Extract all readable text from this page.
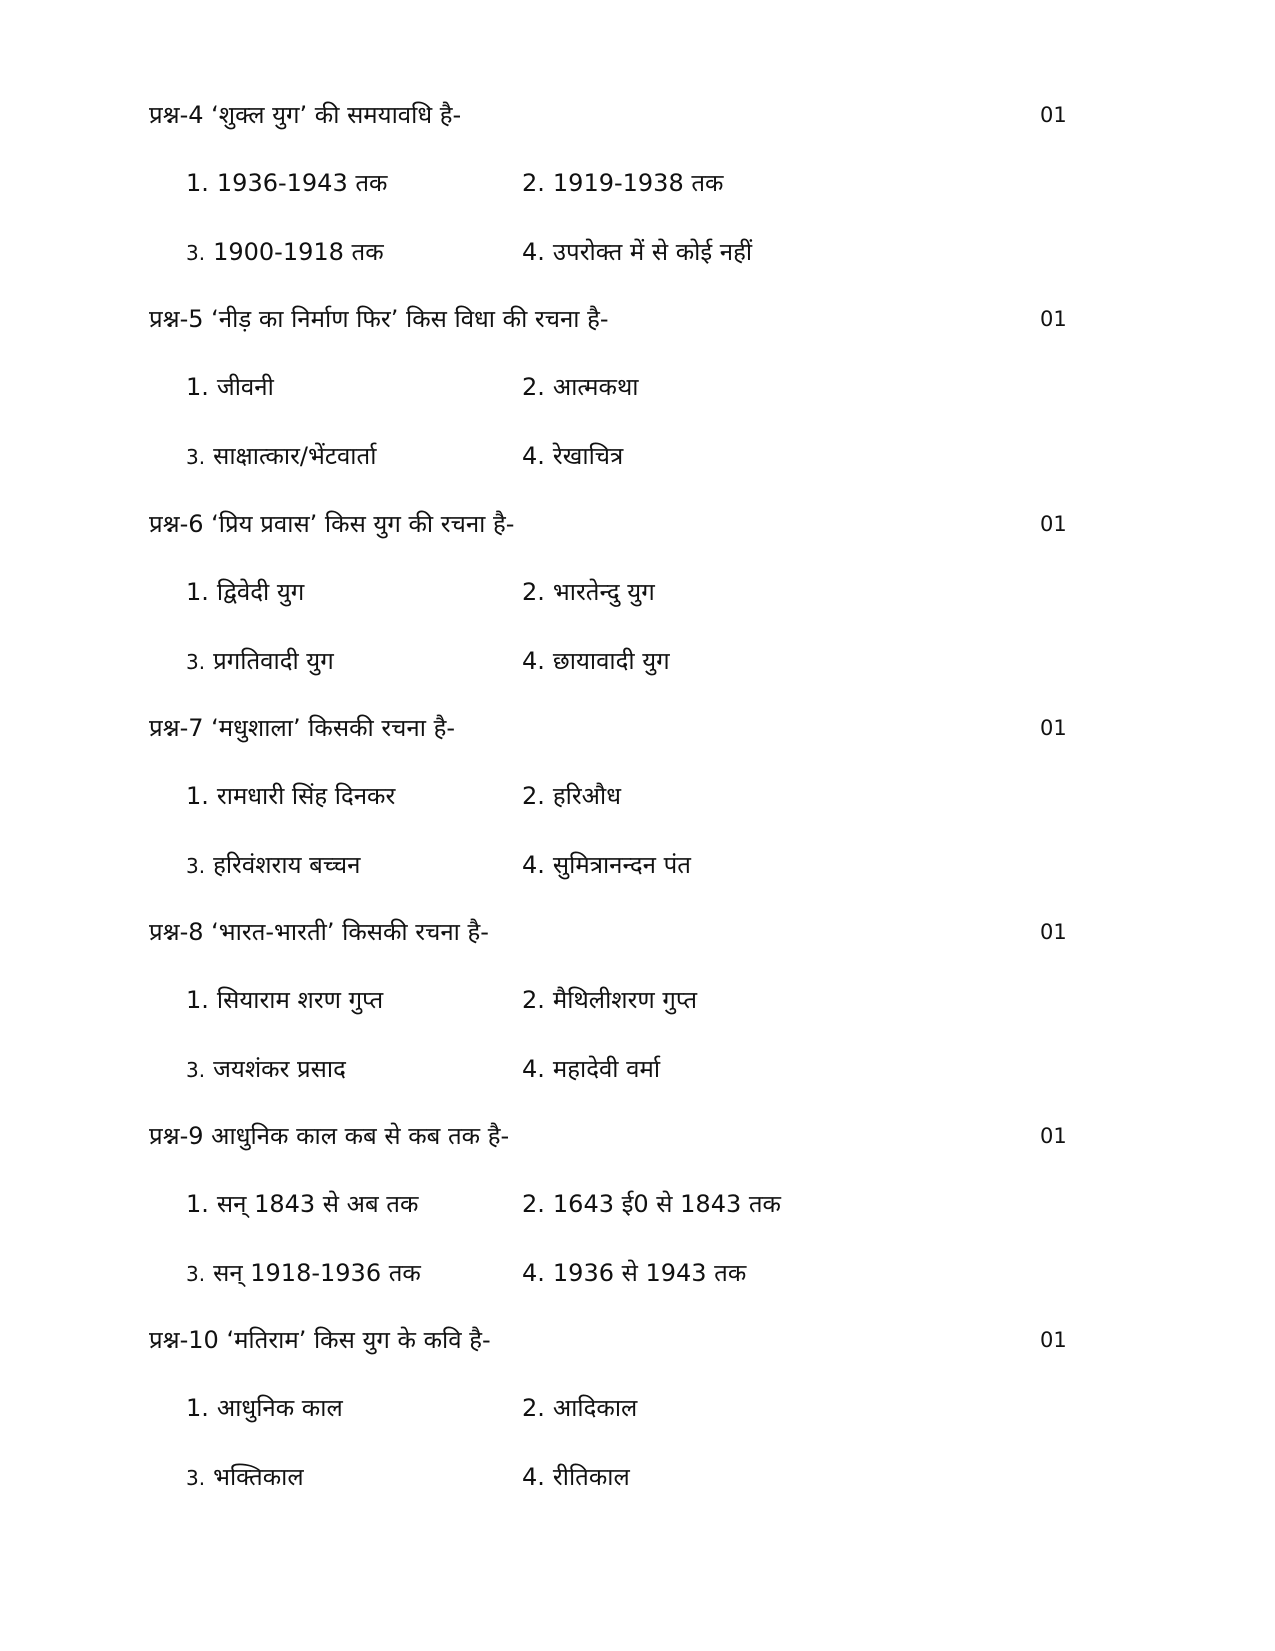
प्रश्न-4 ‘शुक्ल युग’ की समयावधि है-	01
1. 1936-1943 तक	2. 1919-1938 तक
3. 1900-1918 तक	4. उपरोक्त में से कोई नहीं
प्रश्न-5 ‘नीड़ का निर्माण फिर’ किस विधा की रचना है-	01
1. जीवनी	2. आत्मकथा
3. साक्षात्कार/भेंटवार्ता	4. रेखाचित्र
प्रश्न-6 ‘प्रिय प्रवास’ किस युग की रचना है-	01
1. द्विवेदी युग	2. भारतेन्दु युग
3. प्रगतिवादी युग	4. छायावादी युग
प्रश्न-7 ‘मधुशाला’ किसकी रचना है-	01
1. रामधारी सिंह दिनकर	2. हरिऔध
3. हरिवंशराय बच्चन	4. सुमित्रानन्दन पंत
प्रश्न-8 ‘भारत-भारती’ किसकी रचना है-	01
1. सियाराम शरण गुप्त	2. मैथिलीशरण गुप्त
3. जयशंकर प्रसाद	4. महादेवी वर्मा
प्रश्न-9 आधुनिक काल कब से कब तक है-	01
1. सन् 1843 से अब तक	2. 1643 ई0 से 1843 तक
3. सन् 1918-1936 तक	4. 1936 से 1943 तक
प्रश्न-10 ‘मतिराम’ किस युग के कवि है-	01
1. आधुनिक काल	2. आदिकाल
3. भक्तिकाल	4. रीतिकाल
